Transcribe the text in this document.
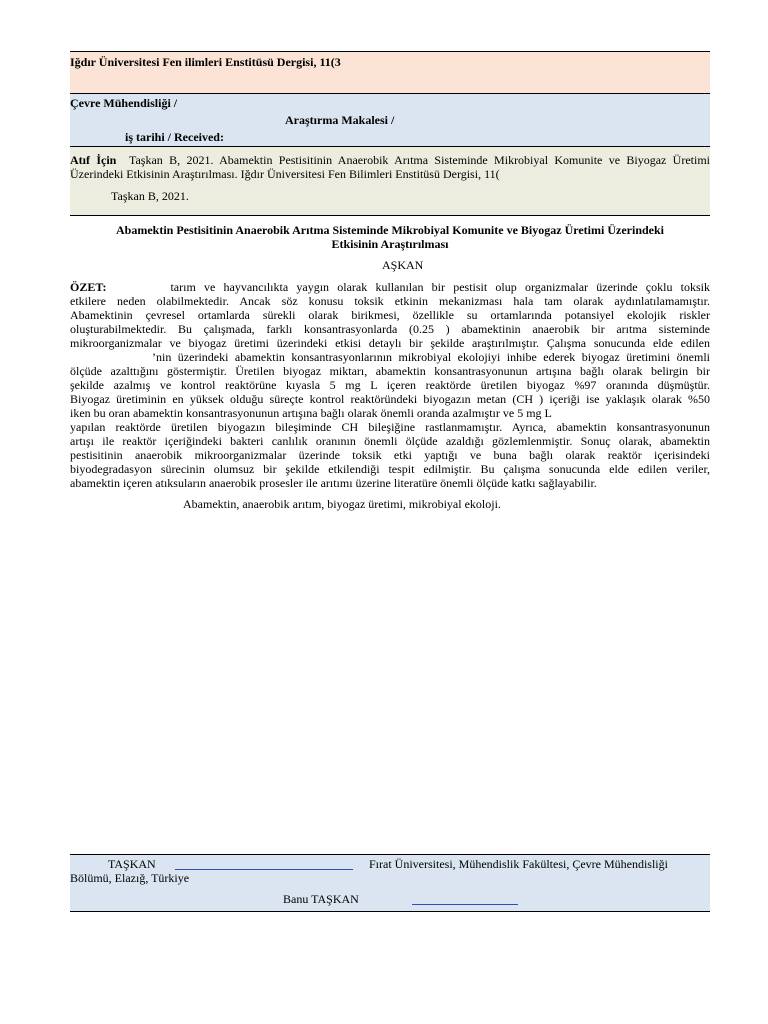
Iğdır Üniversitesi Fen ilimleri Enstitüsü Dergisi, 11(3
Çevre Mühendisliği /
Araştırma Makalesi /
iş tarihi / Received:
Atıf İçin Taşkan B, 2021. Abamektin Pestisitinin Anaerobik Arıtma Sisteminde Mikrobiyal Komunite ve Biyogaz Üretimi
Üzerindeki Etkisinin Araştırılması. Iğdır Üniversitesi Fen Bilimleri Enstitüsü Dergisi, 11(
Taşkan B, 2021.
Abamektin Pestisitinin Anaerobik Arıtma Sisteminde Mikrobiyal Komunite ve Biyogaz Üretimi Üzerindeki
Etkisinin Araştırılması
AŞKAN
ÖZET:	tarım ve hayvancılıkta yaygın olarak kullanılan bir pestisit olup organizmalar üzerinde çoklu toksik
etkilere neden olabilmektedir. Ancak söz konusu toksik etkinin mekanizması hala tam olarak aydınlatılamamıştır.
Abamektinin çevresel ortamlarda sürekli olarak birikmesi, özellikle su ortamlarında potansiyel ekolojik riskler
oluşturabilmektedir. Bu çalışmada, farklı konsantrasyonlarda (0.25 ) abamektinin anaerobik bir arıtma sisteminde
mikroorganizmalar ve biyogaz üretimi üzerindeki etkisi detaylı bir şekilde araştırılmıştır. Çalışma sonucunda elde edilen
’nin üzerindeki abamektin konsantrasyonlarının mikrobiyal ekolojiyi inhibe ederek biyogaz üretimini önemli
ölçüde azalttığını göstermiştir. Üretilen biyogaz miktarı, abamektin konsantrasyonunun artışına bağlı olarak belirgin bir
şekilde azalmış ve kontrol reaktörüne kıyasla 5 mg L içeren reaktörde üretilen biyogaz %97 oranında düşmüştür.
Biyogaz üretiminin en yüksek olduğu süreçte kontrol reaktöründeki biyogazın metan (CH ) içeriği ise yaklaşık olarak %50
iken bu oran abamektin konsantrasyonunun artışına bağlı olarak önemli oranda azalmıştır ve 5 mg L
yapılan reaktörde üretilen biyogazın bileşiminde CH bileşiğine rastlanmamıştır. Ayrıca, abamektin konsantrasyonunun
artışı ile reaktör içeriğindeki bakteri canlılık oranının önemli ölçüde azaldığı gözlemlenmiştir. Sonuç olarak, abamektin
pestisitinin anaerobik mikroorganizmalar üzerinde toksik etki yaptığı ve buna bağlı olarak reaktör içerisindeki
biyodegradasyon sürecinin olumsuz bir şekilde etkilendiği tespit edilmiştir. Bu çalışma sonucunda elde edilen veriler,
abamektin içeren atıksuların anaerobik prosesler ile arıtımı üzerine literatüre önemli ölçüde katkı sağlayabilir.
Abamektin, anaerobik arıtım, biyogaz üretimi, mikrobiyal ekoloji.
TAŞKAN	Fırat Üniversitesi, Mühendislik Fakültesi, Çevre Mühendisliği
Bölümü, Elazığ, Türkiye
Banu TAŞKAN
